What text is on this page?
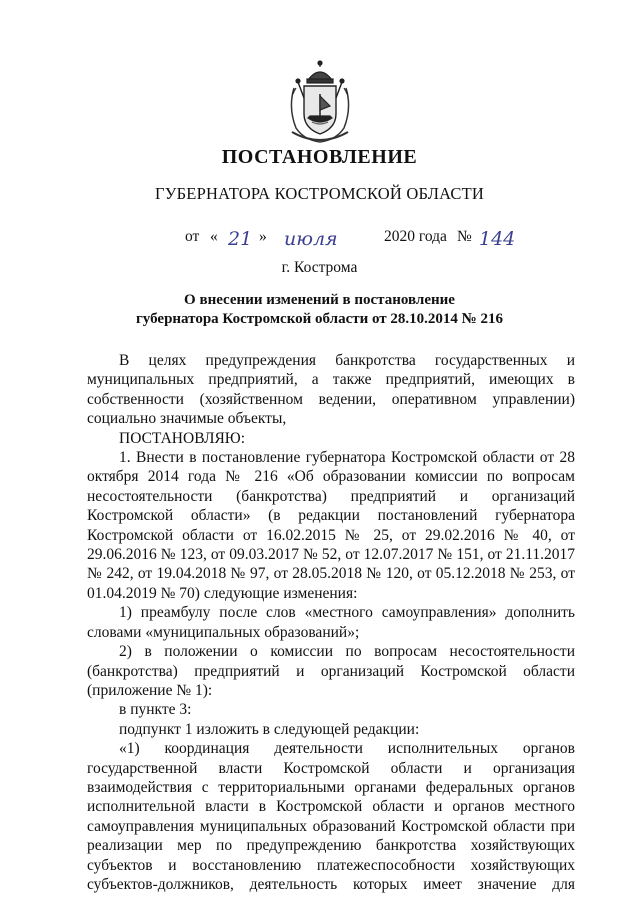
ПОСТАНОВЛЕНИЕ
ГУБЕРНАТОРА КОСТРОМСКОЙ ОБЛАСТИ
от « 21 » июля	2020 года № 144
г. Кострома
О внесении изменений в постановление
губернатора Костромской области от 28.10.2014 № 216

В целях предупреждения банкротства государственных и муниципальных предприятий, а также предприятий, имеющих в собственности (хозяйственном ведении, оперативном управлении) социально значимые объекты,

ПОСТАНОВЛЯЮ:

1. Внести в постановление губернатора Костромской области от 28 октября 2014 года № 216 «Об образовании комиссии по вопросам несостоятельности (банкротства) предприятий и организаций Костромской области» (в редакции постановлений губернатора Костромской области от 16.02.2015 № 25, от 29.02.2016 № 40, от 29.06.2016 № 123, от 09.03.2017 № 52, от 12.07.2017 № 151, от 21.11.2017 № 242, от 19.04.2018 № 97, от 28.05.2018 № 120, от 05.12.2018 № 253, от 01.04.2019 № 70) следующие изменения:

1) преамбулу после слов «местного самоуправления» дополнить словами «муниципальных образований»;

2) в положении о комиссии по вопросам несостоятельности (банкротства) предприятий и организаций Костромской области (приложение № 1):

в пункте 3:

подпункт 1 изложить в следующей редакции:

«1) координация деятельности исполнительных органов государственной власти Костромской области и организация взаимодействия с территориальными органами федеральных органов исполнительной власти в Костромской области и органов местного самоуправления муниципальных образований Костромской области при реализации мер по предупреждению банкротства хозяйствующих субъектов и восстановлению платежеспособности хозяйствующих субъектов-должников, деятельность которых имеет значение для
